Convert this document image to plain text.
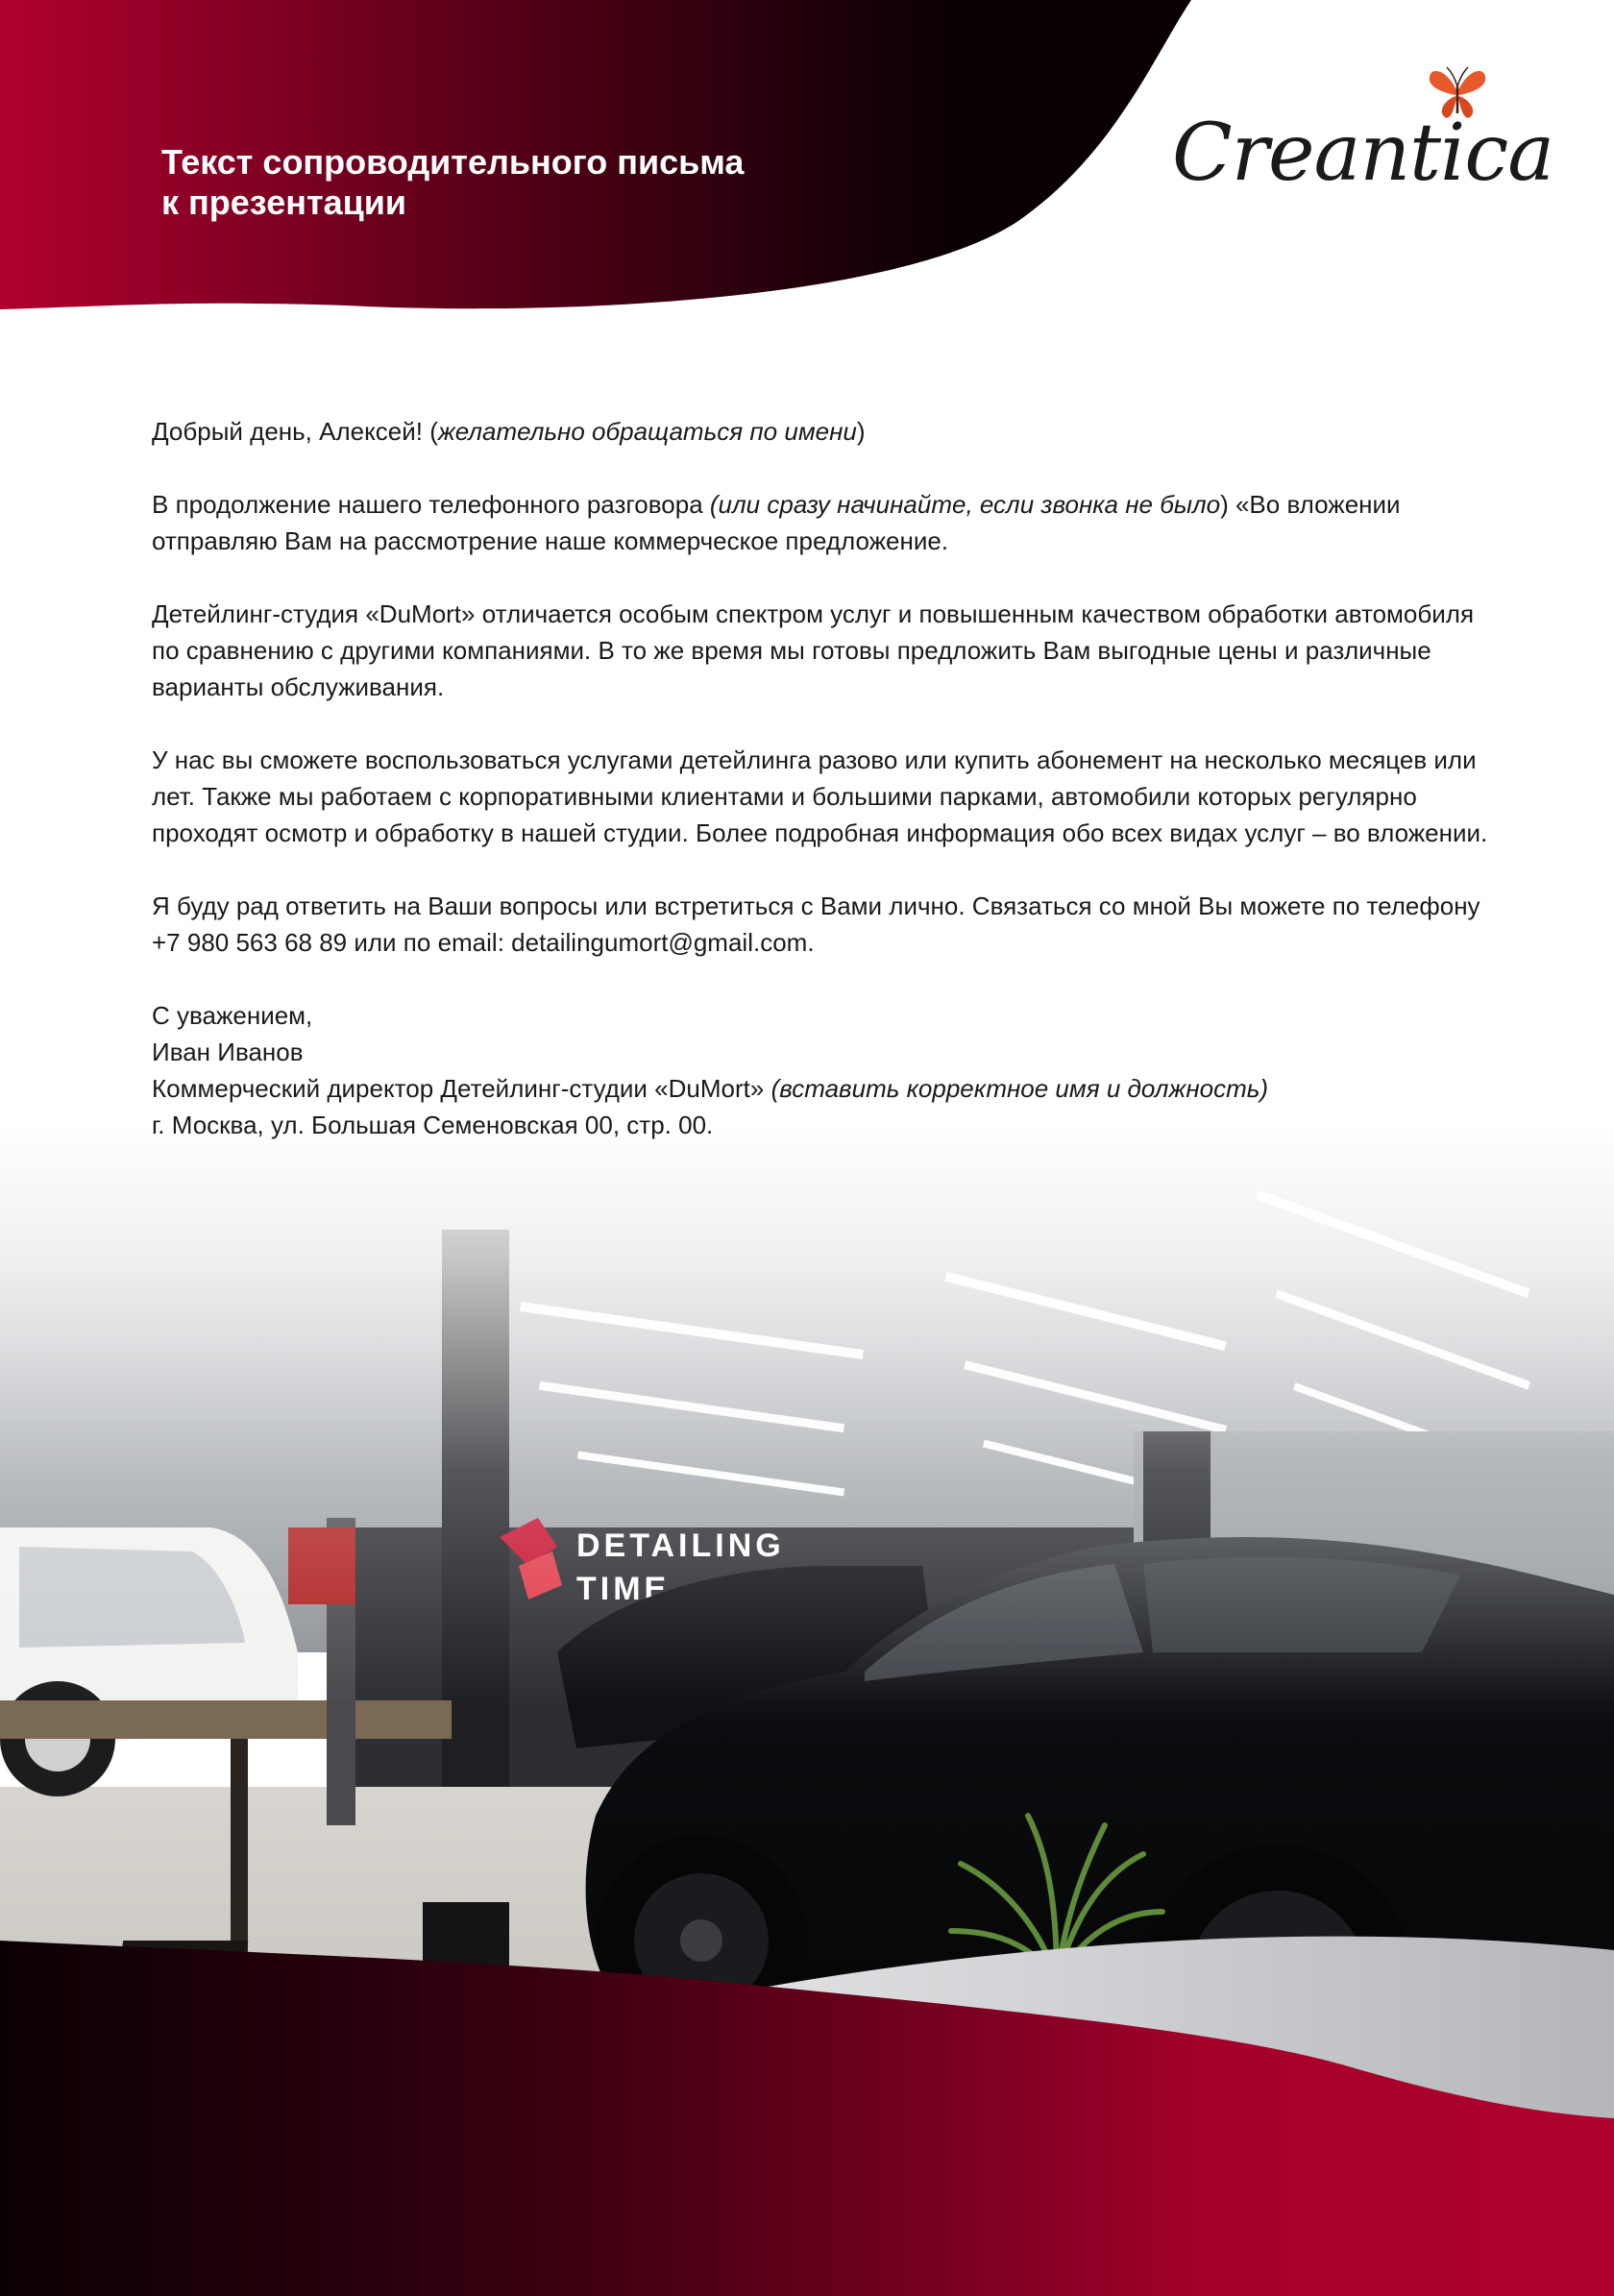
Текст сопроводительного письма
к презентации
Creantica

Добрый день, Алексей! (желательно обращаться по имени)

В продолжение нашего телефонного разговора (или сразу начинайте, если звонка не было) «Во вложении отправляю Вам на рассмотрение наше коммерческое предложение.

Детейлинг-студия «DuMort» отличается особым спектром услуг и повышенным качеством обработки автомобиля по сравнению с другими компаниями. В то же время мы готовы предложить Вам выгодные цены и различные варианты обслуживания.

У нас вы сможете воспользоваться услугами детейлинга разово или купить абонемент на несколько месяцев или лет. Также мы работаем с корпоративными клиентами и большими парками, автомобили которых регулярно проходят осмотр и обработку в нашей студии. Более подробная информация обо всех видах услуг – во вложении.

Я буду рад ответить на Ваши вопросы или встретиться с Вами лично. Связаться со мной Вы можете по телефону +7 980 563 68 89 или по email: detailingumort@gmail.com.

С уважением,

Иван Иванов

Коммерческий директор Детейлинг-студии «DuMort» (вставить корректное имя и должность)

г. Москва, ул. Большая Семеновская 00, стр. 00.
